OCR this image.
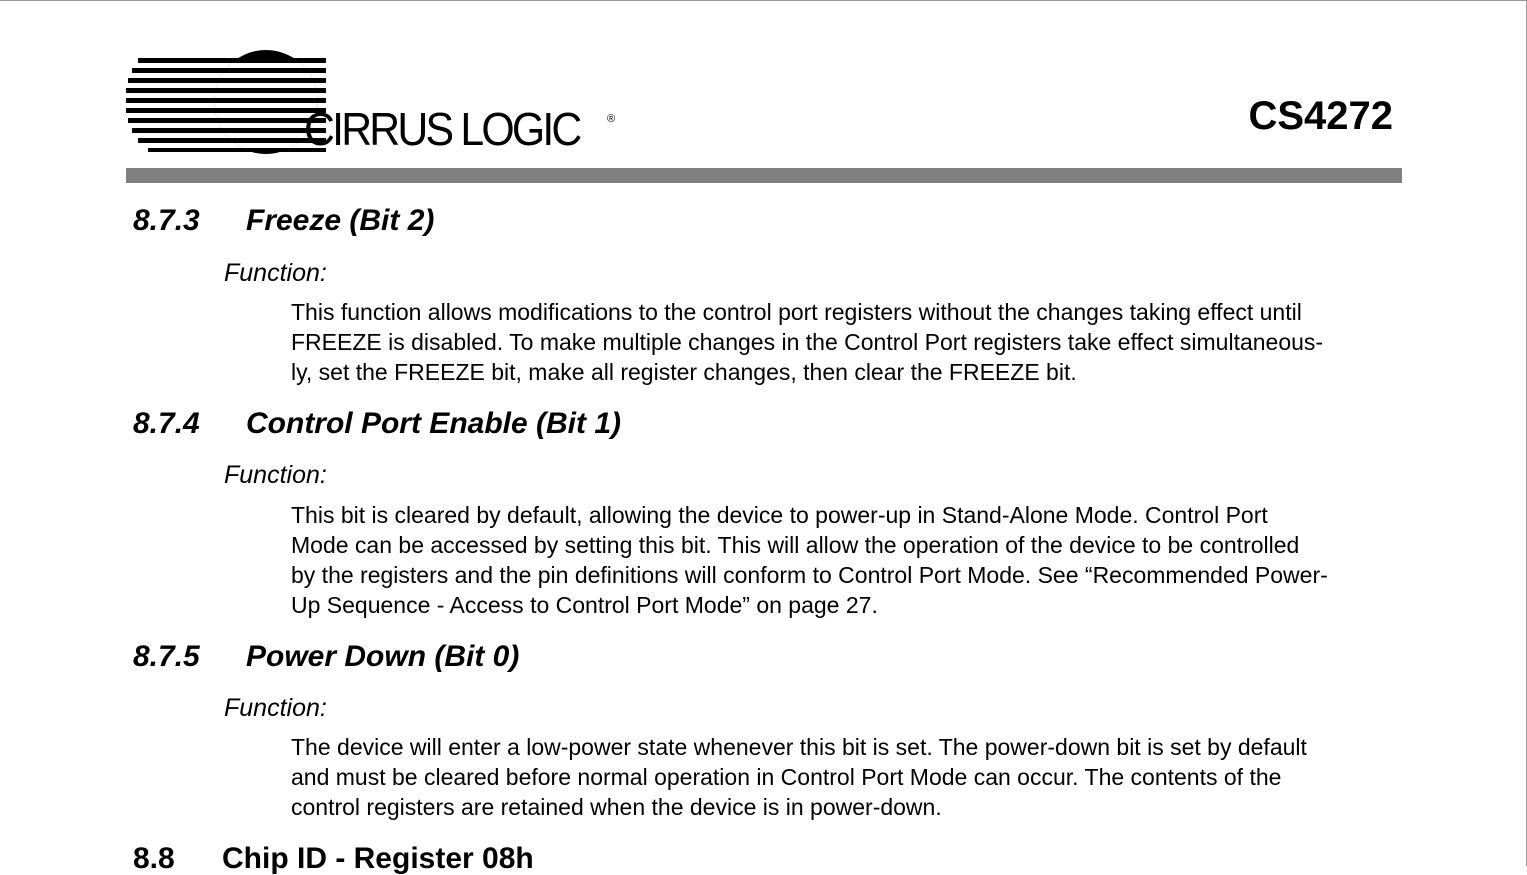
CIRRUS LOGIC ®	CS4272
8.7.3 Freeze (Bit 2)
Function:
This function allows modifications to the control port registers without the changes taking effect until
FREEZE is disabled. To make multiple changes in the Control Port registers take effect simultaneous-
ly, set the FREEZE bit, make all register changes, then clear the FREEZE bit.
8.7.4 Control Port Enable (Bit 1)
Function:
This bit is cleared by default, allowing the device to power-up in Stand-Alone Mode. Control Port
Mode can be accessed by setting this bit. This will allow the operation of the device to be controlled
by the registers and the pin definitions will conform to Control Port Mode. See “Recommended Power-
Up Sequence - Access to Control Port Mode” on page 27.
8.7.5 Power Down (Bit 0)
Function:
The device will enter a low-power state whenever this bit is set. The power-down bit is set by default
and must be cleared before normal operation in Control Port Mode can occur. The contents of the
control registers are retained when the device is in power-down.
8.8 Chip ID - Register 08h
